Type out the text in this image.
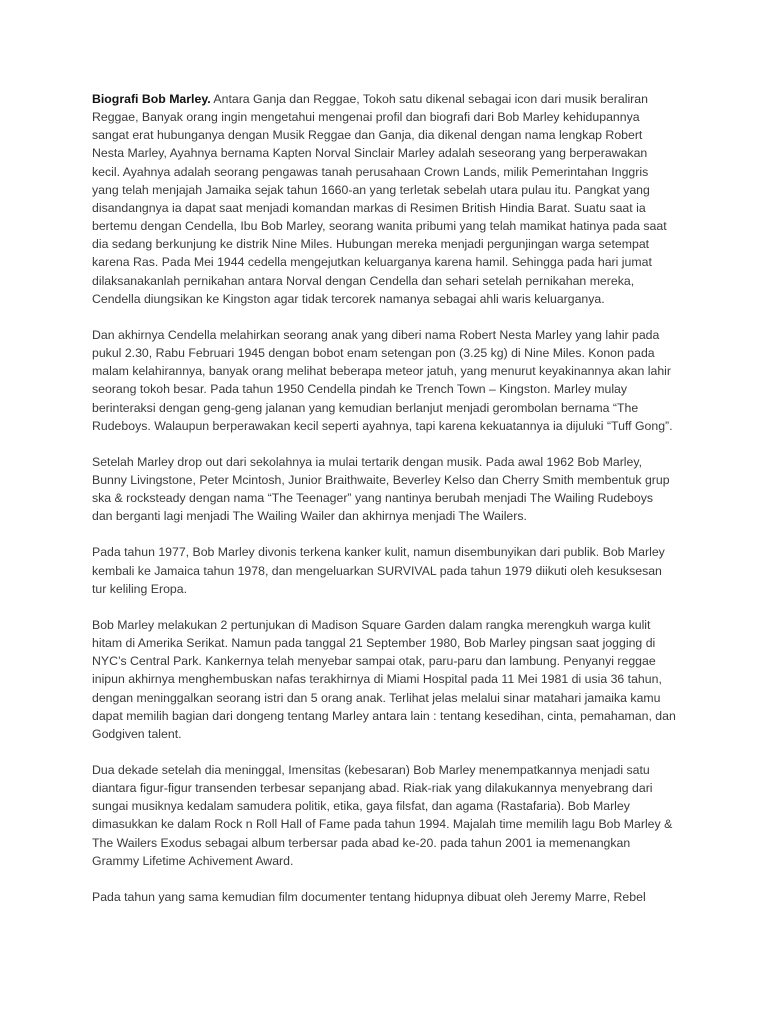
Biografi Bob Marley. Antara Ganja dan Reggae, Tokoh satu dikenal sebagai icon dari musik beraliran
Reggae, Banyak orang ingin mengetahui mengenai profil dan biografi dari Bob Marley kehidupannya
sangat erat hubunganya dengan Musik Reggae dan Ganja, dia dikenal dengan nama lengkap Robert
Nesta Marley, Ayahnya bernama Kapten Norval Sinclair Marley adalah seseorang yang berperawakan
kecil. Ayahnya adalah seorang pengawas tanah perusahaan Crown Lands, milik Pemerintahan Inggris
yang telah menjajah Jamaika sejak tahun 1660-an yang terletak sebelah utara pulau itu. Pangkat yang
disandangnya ia dapat saat menjadi komandan markas di Resimen British Hindia Barat. Suatu saat ia
bertemu dengan Cendella, Ibu Bob Marley, seorang wanita pribumi yang telah mamikat hatinya pada saat
dia sedang berkunjung ke distrik Nine Miles. Hubungan mereka menjadi pergunjingan warga setempat
karena Ras. Pada Mei 1944 cedella mengejutkan keluarganya karena hamil. Sehingga pada hari jumat
dilaksanakanlah pernikahan antara Norval dengan Cendella dan sehari setelah pernikahan mereka,
Cendella diungsikan ke Kingston agar tidak tercorek namanya sebagai ahli waris keluarganya.

Dan akhirnya Cendella melahirkan seorang anak yang diberi nama Robert Nesta Marley yang lahir pada
pukul 2.30, Rabu Februari 1945 dengan bobot enam setengan pon (3.25 kg) di Nine Miles. Konon pada
malam kelahirannya, banyak orang melihat beberapa meteor jatuh, yang menurut keyakinannya akan lahir
seorang tokoh besar. Pada tahun 1950 Cendella pindah ke Trench Town – Kingston. Marley mulay
berinteraksi dengan geng-geng jalanan yang kemudian berlanjut menjadi gerombolan bernama “The
Rudeboys. Walaupun berperawakan kecil seperti ayahnya, tapi karena kekuatannya ia dijuluki “Tuff Gong”.

Setelah Marley drop out dari sekolahnya ia mulai tertarik dengan musik. Pada awal 1962 Bob Marley,
Bunny Livingstone, Peter Mcintosh, Junior Braithwaite, Beverley Kelso dan Cherry Smith membentuk grup
ska & rocksteady dengan nama “The Teenager” yang nantinya berubah menjadi The Wailing Rudeboys
dan berganti lagi menjadi The Wailing Wailer dan akhirnya menjadi The Wailers.

Pada tahun 1977, Bob Marley divonis terkena kanker kulit, namun disembunyikan dari publik. Bob Marley
kembali ke Jamaica tahun 1978, dan mengeluarkan SURVIVAL pada tahun 1979 diikuti oleh kesuksesan
tur keliling Eropa.

Bob Marley melakukan 2 pertunjukan di Madison Square Garden dalam rangka merengkuh warga kulit
hitam di Amerika Serikat. Namun pada tanggal 21 September 1980, Bob Marley pingsan saat jogging di
NYC’s Central Park. Kankernya telah menyebar sampai otak, paru-paru dan lambung. Penyanyi reggae
inipun akhirnya menghembuskan nafas terakhirnya di Miami Hospital pada 11 Mei 1981 di usia 36 tahun,
dengan meninggalkan seorang istri dan 5 orang anak. Terlihat jelas melalui sinar matahari jamaika kamu
dapat memilih bagian dari dongeng tentang Marley antara lain : tentang kesedihan, cinta, pemahaman, dan
Godgiven talent.

Dua dekade setelah dia meninggal, Imensitas (kebesaran) Bob Marley menempatkannya menjadi satu
diantara figur-figur transenden terbesar sepanjang abad. Riak-riak yang dilakukannya menyebrang dari
sungai musiknya kedalam samudera politik, etika, gaya filsfat, dan agama (Rastafaria). Bob Marley
dimasukkan ke dalam Rock n Roll Hall of Fame pada tahun 1994. Majalah time memilih lagu Bob Marley &
The Wailers Exodus sebagai album terbersar pada abad ke-20. pada tahun 2001 ia memenangkan
Grammy Lifetime Achivement Award.

Pada tahun yang sama kemudian film documenter tentang hidupnya dibuat oleh Jeremy Marre, Rebel
